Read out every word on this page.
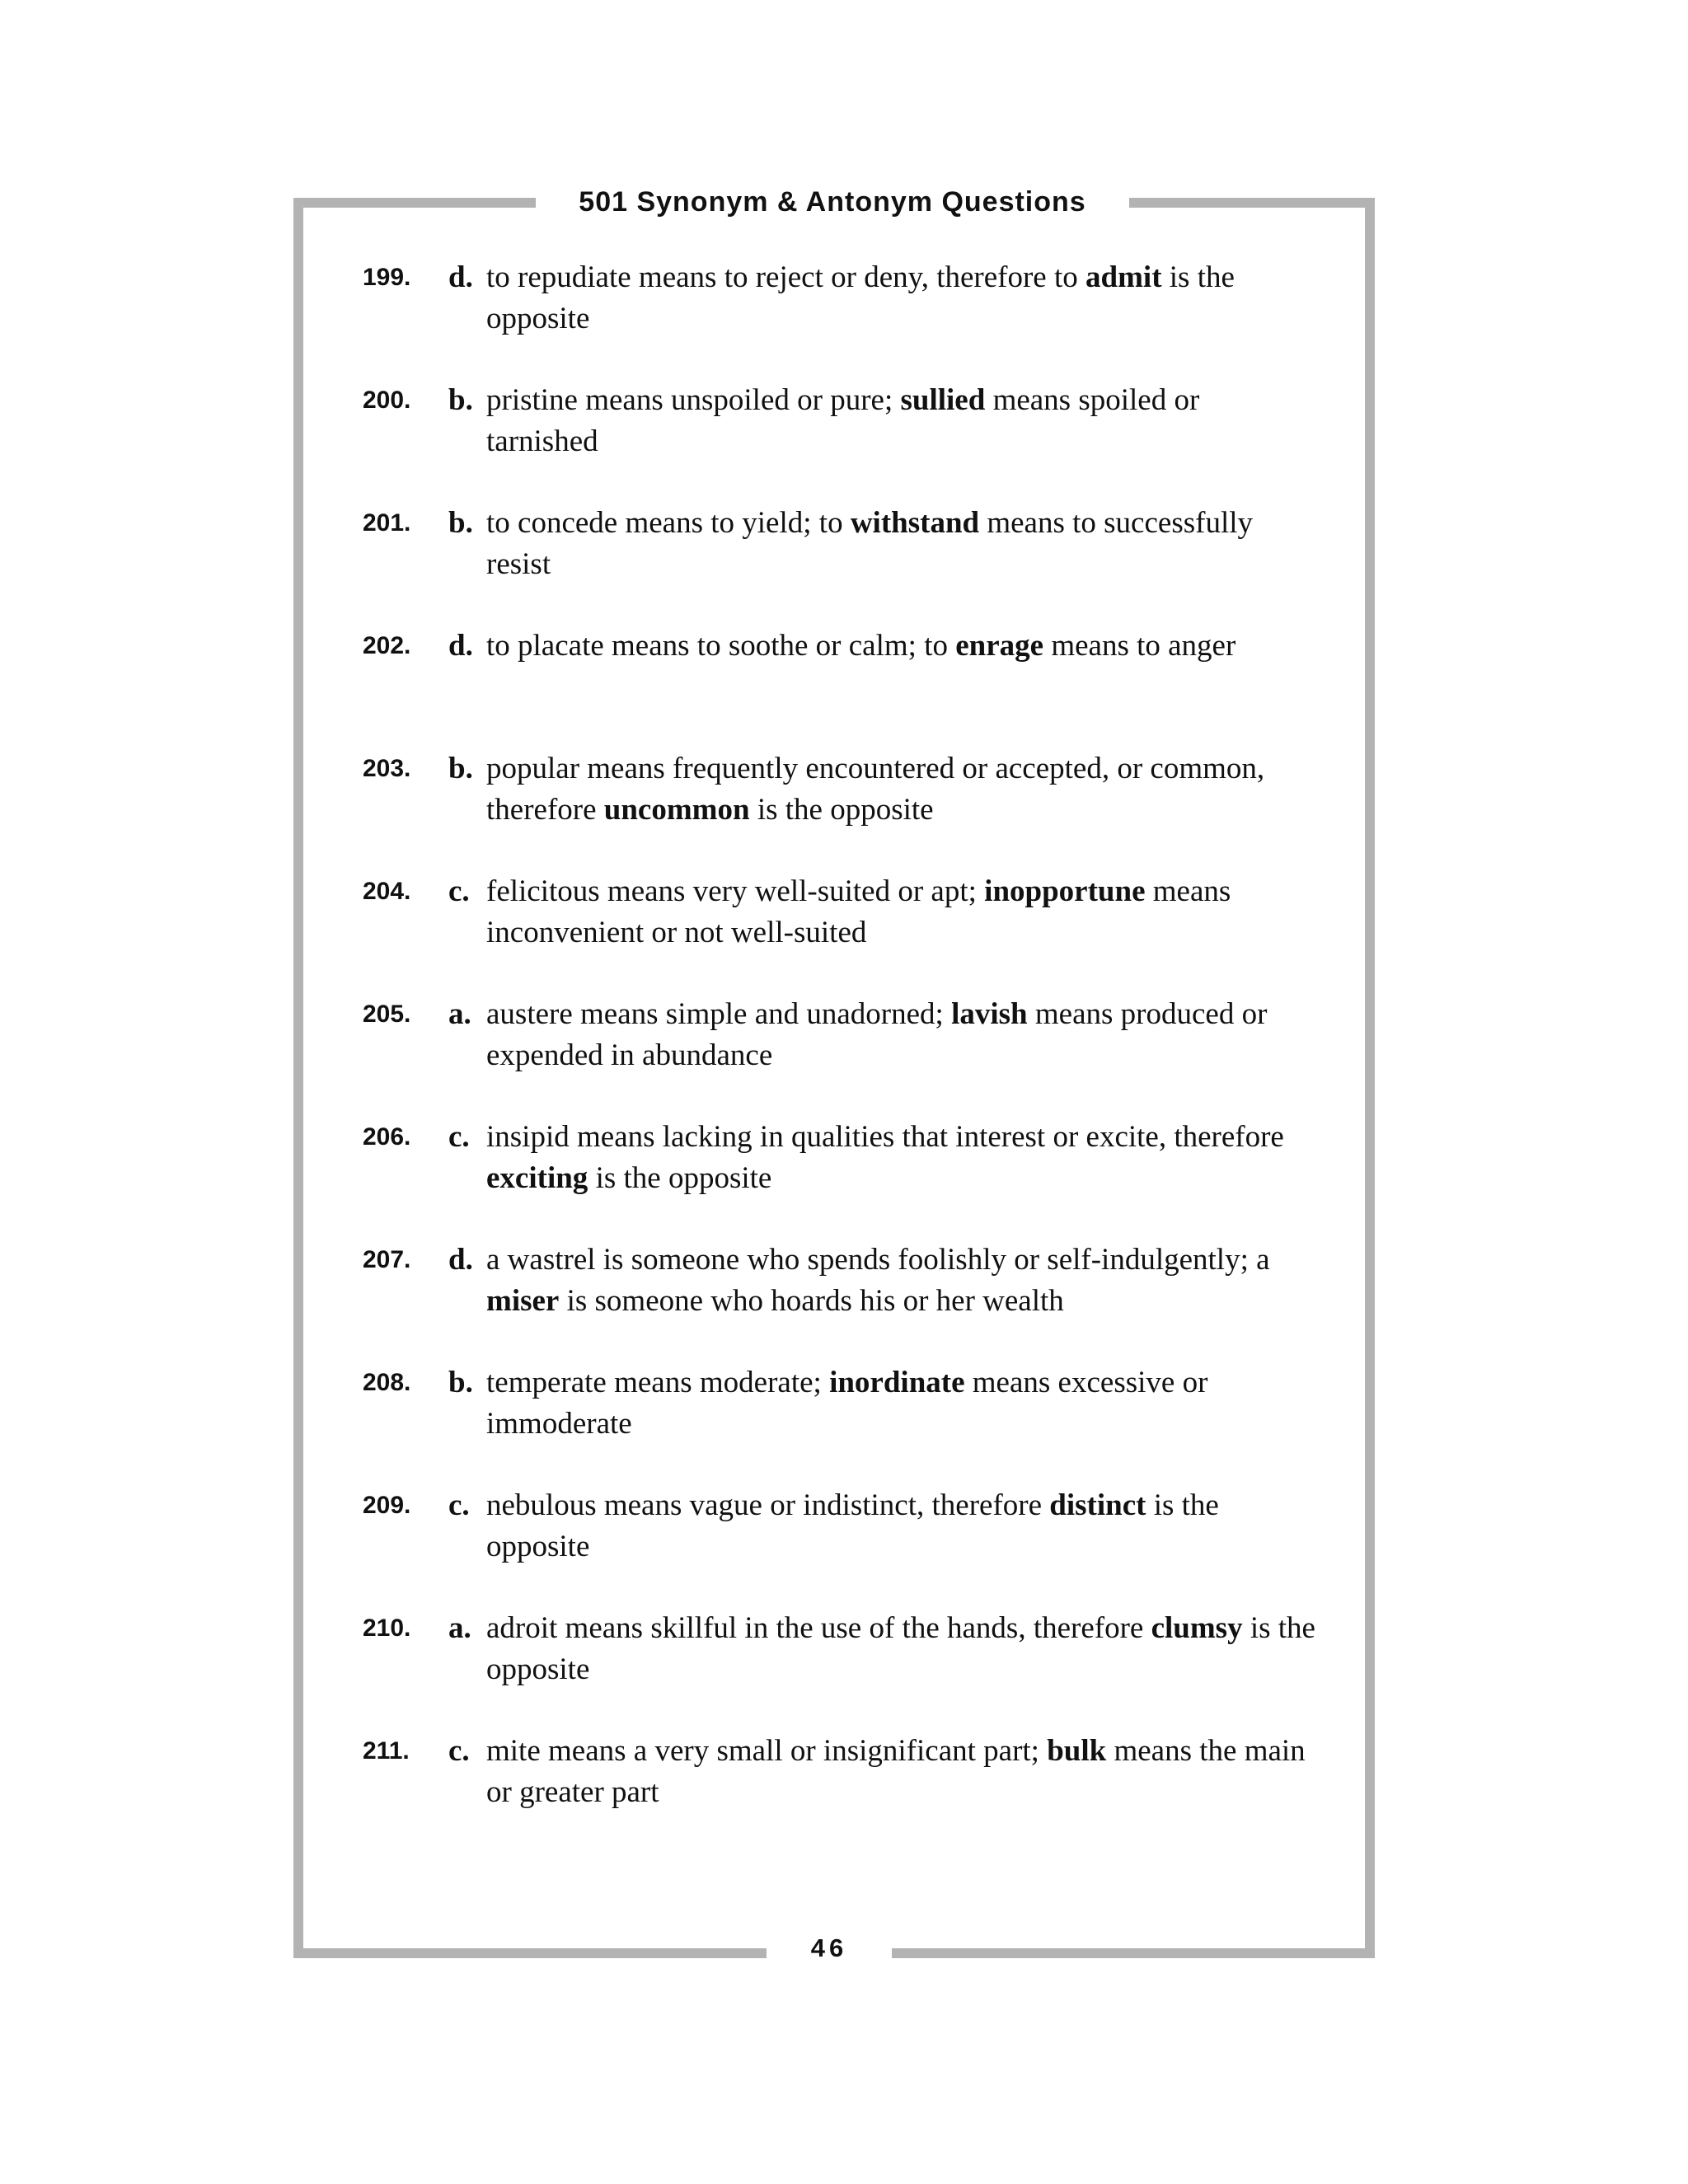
501 Synonym & Antonym Questions
199. d. to repudiate means to reject or deny, therefore to admit is the opposite
200. b. pristine means unspoiled or pure; sullied means spoiled or tarnished
201. b. to concede means to yield; to withstand means to successfully resist
202. d. to placate means to soothe or calm; to enrage means to anger
203. b. popular means frequently encountered or accepted, or common, therefore uncommon is the opposite
204. c. felicitous means very well-suited or apt; inopportune means inconvenient or not well-suited
205. a. austere means simple and unadorned; lavish means produced or expended in abundance
206. c. insipid means lacking in qualities that interest or excite, therefore exciting is the opposite
207. d. a wastrel is someone who spends foolishly or self-indulgently; a miser is someone who hoards his or her wealth
208. b. temperate means moderate; inordinate means excessive or immoderate
209. c. nebulous means vague or indistinct, therefore distinct is the opposite
210. a. adroit means skillful in the use of the hands, therefore clumsy is the opposite
211. c. mite means a very small or insignificant part; bulk means the main or greater part
46
